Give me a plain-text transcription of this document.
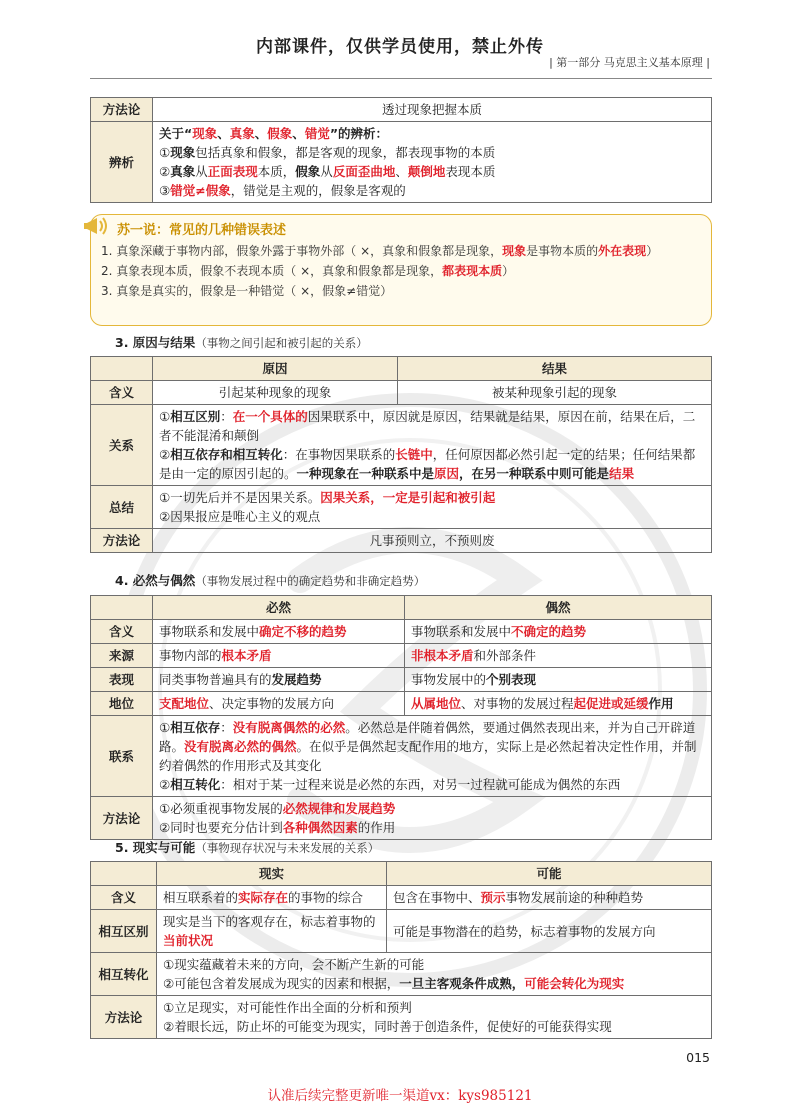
内部课件，仅供学员使用，禁止外传
| 第一部分 马克思主义基本原理 |
方法论	透过现象把握本质
辨析	关于“现象、真象、假象、错觉”的辨析：
①现象包括真象和假象，都是客观的现象，都表现事物的本质
②真象从正面表现本质，假象从反面歪曲地、颠倒地表现本质
③错觉≠假象，错觉是主观的，假象是客观的
苏一说：常见的几种错误表述
1. 真象深藏于事物内部，假象外露于事物外部（ ×，真象和假象都是现象，现象是事物本质的外在表现）
2. 真象表现本质，假象不表现本质（ ×，真象和假象都是现象，都表现本质）
3. 真象是真实的，假象是一种错觉（ ×，假象≠错觉）
3. 原因与结果（事物之间引起和被引起的关系）
	原因	结果
含义	引起某种现象的现象	被某种现象引起的现象
关系	①相互区别：在一个具体的因果联系中，原因就是原因，结果就是结果，原因在前，结果在后，二者不能混淆和颠倒
②相互依存和相互转化：在事物因果联系的长链中，任何原因都必然引起一定的结果；任何结果都是由一定的原因引起的。一种现象在一种联系中是原因，在另一种联系中则可能是结果	

总结	①一切先后并不是因果关系。因果关系，一定是引起和被引起
②因果报应是唯心主义的观点	

方法论	凡事预则立，不预则废	
4. 必然与偶然（事物发展过程中的确定趋势和非确定趋势）
	必然	偶然
含义	事物联系和发展中确定不移的趋势	事物联系和发展中不确定的趋势
来源	事物内部的根本矛盾	非根本矛盾和外部条件
表现	同类事物普遍具有的发展趋势	事物发展中的个别表现
地位	支配地位、决定事物的发展方向	从属地位、对事物的发展过程起促进或延缓作用
联系	①相互依存：没有脱离偶然的必然。必然总是伴随着偶然，要通过偶然表现出来，并为自己开辟道路。没有脱离必然的偶然。在似乎是偶然起支配作用的地方，实际上是必然起着决定性作用，并制约着偶然的作用形式及其变化
②相互转化：相对于某一过程来说是必然的东西，对另一过程就可能成为偶然的东西	

方法论	①必须重视事物发展的必然规律和发展趋势
②同时也要充分估计到各种偶然因素的作用	
5. 现实与可能（事物现存状况与未来发展的关系）
	现实	可能
含义	相互联系着的实际存在的事物的综合	包含在事物中、预示事物发展前途的种种趋势
相互区别	现实是当下的客观存在，标志着事物的当前状况	可能是事物潜在的趋势，标志着事物的发展方向
相互转化	①现实蕴藏着未来的方向，会不断产生新的可能
②可能包含着发展成为现实的因素和根据，一旦主客观条件成熟，可能会转化为现实	

方法论	①立足现实，对可能性作出全面的分析和预判
②着眼长远，防止坏的可能变为现实，同时善于创造条件，促使好的可能获得实现	
015
认准后续完整更新唯一渠道vx：kys985121
